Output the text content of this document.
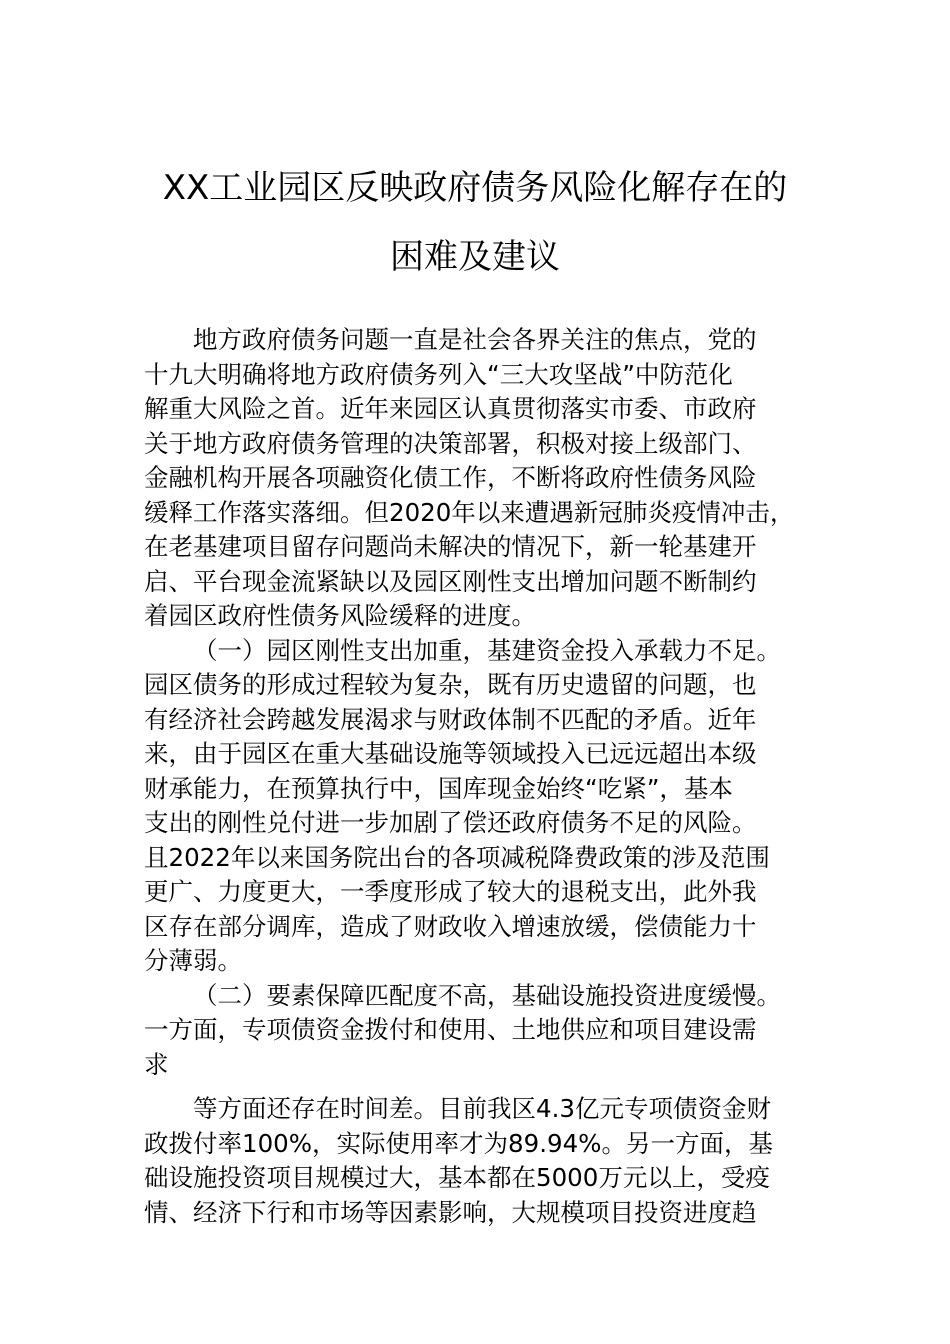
XX工业园区反映政府债务风险化解存在的
困难及建议
地方政府债务问题一直是社会各界关注的焦点，党的
十九大明确将地方政府债务列入“三大攻坚战”中防范化
解重大风险之首。近年来园区认真贯彻落实市委、市政府
关于地方政府债务管理的决策部署，积极对接上级部门、
金融机构开展各项融资化债工作，不断将政府性债务风险
缓释工作落实落细。但2020年以来遭遇新冠肺炎疫情冲击，
在老基建项目留存问题尚未解决的情况下，新一轮基建开
启、平台现金流紧缺以及园区刚性支出增加问题不断制约
着园区政府性债务风险缓释的进度。
（一）园区刚性支出加重，基建资金投入承载力不足。
园区债务的形成过程较为复杂，既有历史遗留的问题，也
有经济社会跨越发展渴求与财政体制不匹配的矛盾。近年
来，由于园区在重大基础设施等领域投入已远远超出本级
财承能力，在预算执行中，国库现金始终“吃紧”，基本
支出的刚性兑付进一步加剧了偿还政府债务不足的风险。
且2022年以来国务院出台的各项减税降费政策的涉及范围
更广、力度更大，一季度形成了较大的退税支出，此外我
区存在部分调库，造成了财政收入增速放缓，偿债能力十
分薄弱。
（二）要素保障匹配度不高，基础设施投资进度缓慢。
一方面，专项债资金拨付和使用、土地供应和项目建设需
求
等方面还存在时间差。目前我区4.3亿元专项债资金财
政拨付率100%，实际使用率才为89.94%。另一方面，基
础设施投资项目规模过大，基本都在5000万元以上，受疫
情、经济下行和市场等因素影响，大规模项目投资进度趋
